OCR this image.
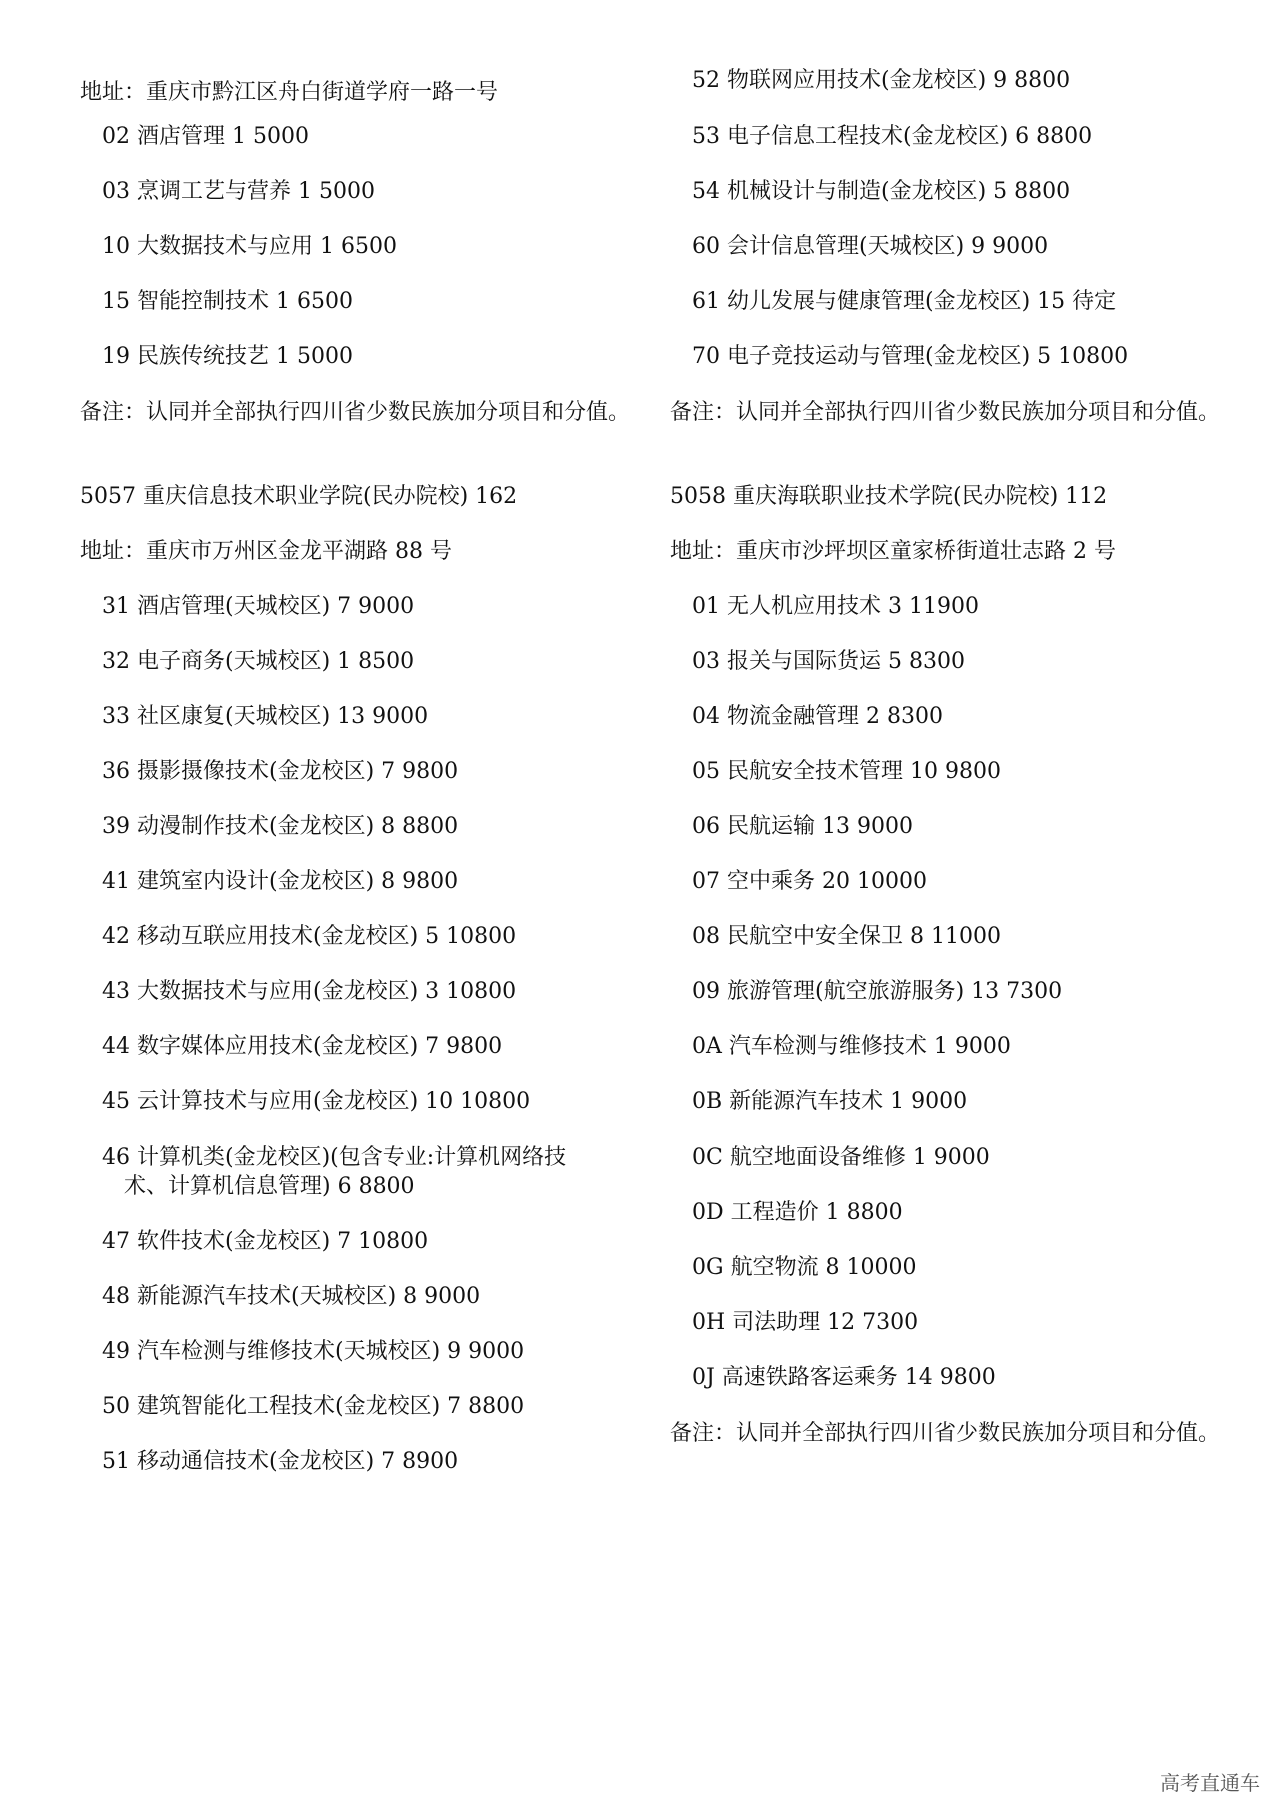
地址：重庆市黔江区舟白街道学府一路一号
02 酒店管理 1 5000
03 烹调工艺与营养 1 5000
10 大数据技术与应用 1 6500
15 智能控制技术 1 6500
19 民族传统技艺 1 5000
备注：认同并全部执行四川省少数民族加分项目和分值。
5057 重庆信息技术职业学院(民办院校) 162
地址：重庆市万州区金龙平湖路 88 号
31 酒店管理(天城校区) 7 9000
32 电子商务(天城校区) 1 8500
33 社区康复(天城校区) 13 9000
36 摄影摄像技术(金龙校区) 7 9800
39 动漫制作技术(金龙校区) 8 8800
41 建筑室内设计(金龙校区) 8 9800
42 移动互联应用技术(金龙校区) 5 10800
43 大数据技术与应用(金龙校区) 3 10800
44 数字媒体应用技术(金龙校区) 7 9800
45 云计算技术与应用(金龙校区) 10 10800
46 计算机类(金龙校区)(包含专业:计算机网络技
术、计算机信息管理) 6 8800
47 软件技术(金龙校区) 7 10800
48 新能源汽车技术(天城校区) 8 9000
49 汽车检测与维修技术(天城校区) 9 9000
50 建筑智能化工程技术(金龙校区) 7 8800
51 移动通信技术(金龙校区) 7 8900
52 物联网应用技术(金龙校区) 9 8800
53 电子信息工程技术(金龙校区) 6 8800
54 机械设计与制造(金龙校区) 5 8800
60 会计信息管理(天城校区) 9 9000
61 幼儿发展与健康管理(金龙校区) 15 待定
70 电子竞技运动与管理(金龙校区) 5 10800
备注：认同并全部执行四川省少数民族加分项目和分值。
5058 重庆海联职业技术学院(民办院校) 112
地址：重庆市沙坪坝区童家桥街道壮志路 2 号
01 无人机应用技术 3 11900
03 报关与国际货运 5 8300
04 物流金融管理 2 8300
05 民航安全技术管理 10 9800
06 民航运输 13 9000
07 空中乘务 20 10000
08 民航空中安全保卫 8 11000
09 旅游管理(航空旅游服务) 13 7300
0A 汽车检测与维修技术 1 9000
0B 新能源汽车技术 1 9000
0C 航空地面设备维修 1 9000
0D 工程造价 1 8800
0G 航空物流 8 10000
0H 司法助理 12 7300
0J 高速铁路客运乘务 14 9800
备注：认同并全部执行四川省少数民族加分项目和分值。
高考直通车
